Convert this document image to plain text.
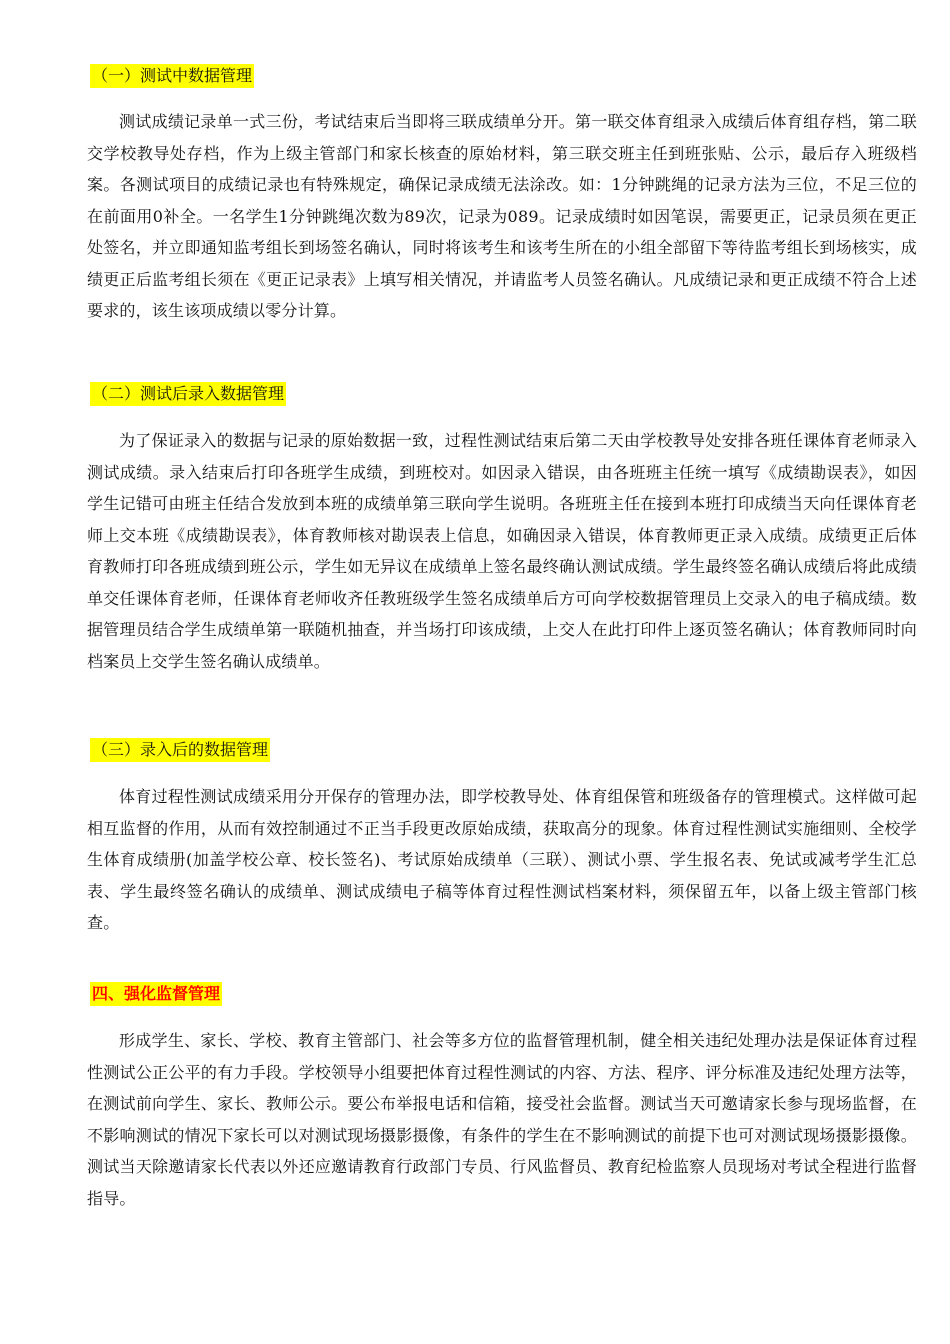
（一）测试中数据管理

测试成绩记录单一式三份，考试结束后当即将三联成绩单分开。第一联交体育组录入成绩后体育组存档，第二联交学校教导处存档，作为上级主管部门和家长核查的原始材料，第三联交班主任到班张贴、公示，最后存入班级档案。各测试项目的成绩记录也有特殊规定，确保记录成绩无法涂改。如：1分钟跳绳的记录方法为三位，不足三位的在前面用0补全。一名学生1分钟跳绳次数为89次，记录为089。记录成绩时如因笔误，需要更正，记录员须在更正处签名，并立即通知监考组长到场签名确认，同时将该考生和该考生所在的小组全部留下等待监考组长到场核实，成绩更正后监考组长须在《更正记录表》上填写相关情况，并请监考人员签名确认。凡成绩记录和更正成绩不符合上述要求的，该生该项成绩以零分计算。

（二）测试后录入数据管理

为了保证录入的数据与记录的原始数据一致，过程性测试结束后第二天由学校教导处安排各班任课体育老师录入测试成绩。录入结束后打印各班学生成绩，到班校对。如因录入错误，由各班班主任统一填写《成绩勘误表》，如因学生记错可由班主任结合发放到本班的成绩单第三联向学生说明。各班班主任在接到本班打印成绩当天向任课体育老师上交本班《成绩勘误表》，体育教师核对勘误表上信息，如确因录入错误，体育教师更正录入成绩。成绩更正后体育教师打印各班成绩到班公示，学生如无异议在成绩单上签名最终确认测试成绩。学生最终签名确认成绩后将此成绩单交任课体育老师，任课体育老师收齐任教班级学生签名成绩单后方可向学校数据管理员上交录入的电子稿成绩。数据管理员结合学生成绩单第一联随机抽查，并当场打印该成绩，上交人在此打印件上逐页签名确认；体育教师同时向档案员上交学生签名确认成绩单。

（三）录入后的数据管理

体育过程性测试成绩采用分开保存的管理办法，即学校教导处、体育组保管和班级备存的管理模式。这样做可起相互监督的作用，从而有效控制通过不正当手段更改原始成绩，获取高分的现象。体育过程性测试实施细则、全校学生体育成绩册(加盖学校公章、校长签名)、考试原始成绩单（三联）、测试小票、学生报名表、免试或减考学生汇总表、学生最终签名确认的成绩单、测试成绩电子稿等体育过程性测试档案材料，须保留五年，以备上级主管部门核查。

四、强化监督管理

形成学生、家长、学校、教育主管部门、社会等多方位的监督管理机制，健全相关违纪处理办法是保证体育过程性测试公正公平的有力手段。学校领导小组要把体育过程性测试的内容、方法、程序、评分标准及违纪处理方法等，在测试前向学生、家长、教师公示。要公布举报电话和信箱，接受社会监督。测试当天可邀请家长参与现场监督，在不影响测试的情况下家长可以对测试现场摄影摄像，有条件的学生在不影响测试的前提下也可对测试现场摄影摄像。测试当天除邀请家长代表以外还应邀请教育行政部门专员、行风监督员、教育纪检监察人员现场对考试全程进行监督指导。
